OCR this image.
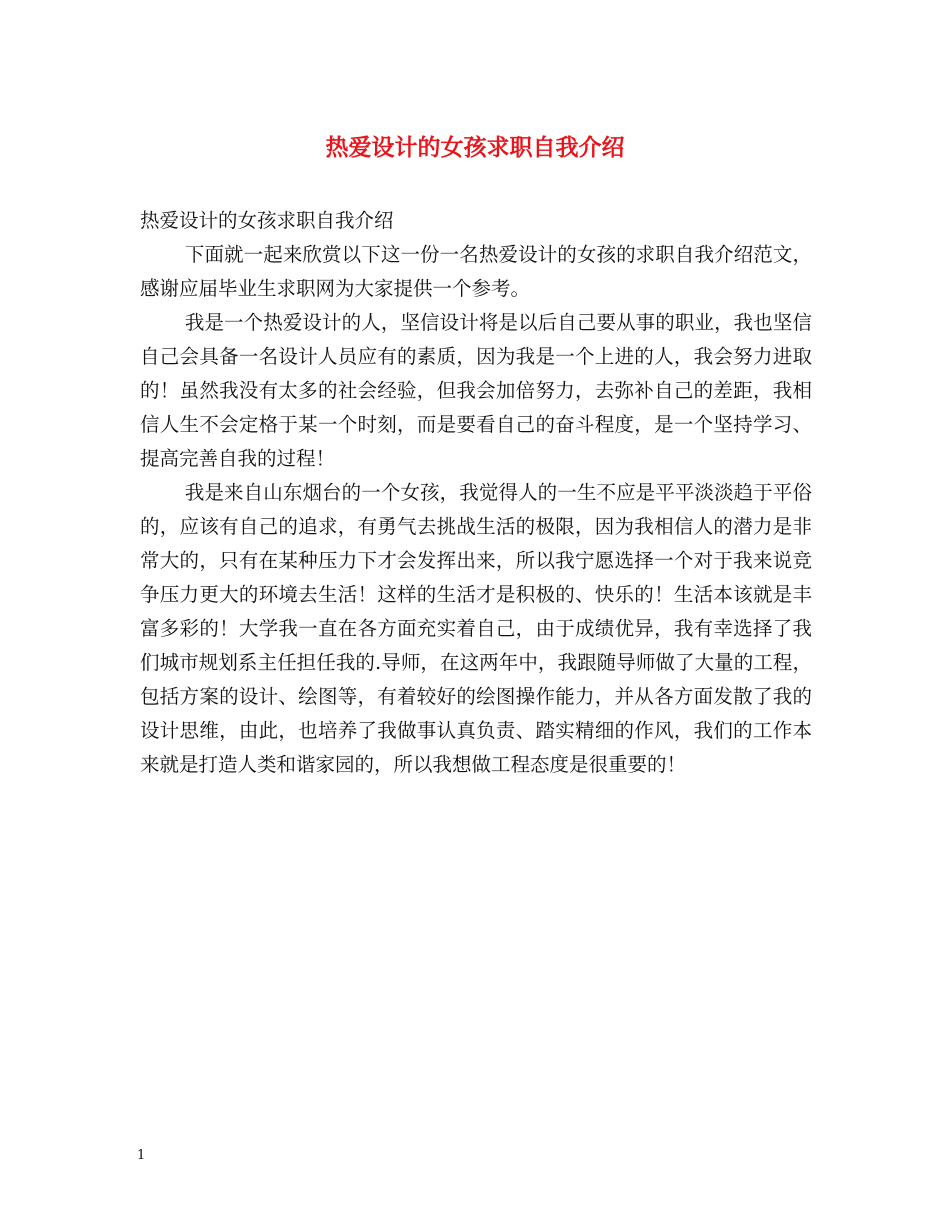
热爱设计的女孩求职自我介绍

热爱设计的女孩求职自我介绍

下面就一起来欣赏以下这一份一名热爱设计的女孩的求职自我介绍范文，感谢应届毕业生求职网为大家提供一个参考。

我是一个热爱设计的人，坚信设计将是以后自己要从事的职业，我也坚信自己会具备一名设计人员应有的素质，因为我是一个上进的人，我会努力进取的！虽然我没有太多的社会经验，但我会加倍努力，去弥补自己的差距，我相信人生不会定格于某一个时刻，而是要看自己的奋斗程度，是一个坚持学习、提高完善自我的过程！

我是来自山东烟台的一个女孩，我觉得人的一生不应是平平淡淡趋于平俗的，应该有自己的追求，有勇气去挑战生活的极限，因为我相信人的潜力是非常大的，只有在某种压力下才会发挥出来，所以我宁愿选择一个对于我来说竞争压力更大的环境去生活！这样的生活才是积极的、快乐的！生活本该就是丰富多彩的！大学我一直在各方面充实着自己，由于成绩优异，我有幸选择了我们城市规划系主任担任我的.导师，在这两年中，我跟随导师做了大量的工程，包括方案的设计、绘图等，有着较好的绘图操作能力，并从各方面发散了我的设计思维，由此，也培养了我做事认真负责、踏实精细的作风，我们的工作本来就是打造人类和谐家园的，所以我想做工程态度是很重要的！

1
